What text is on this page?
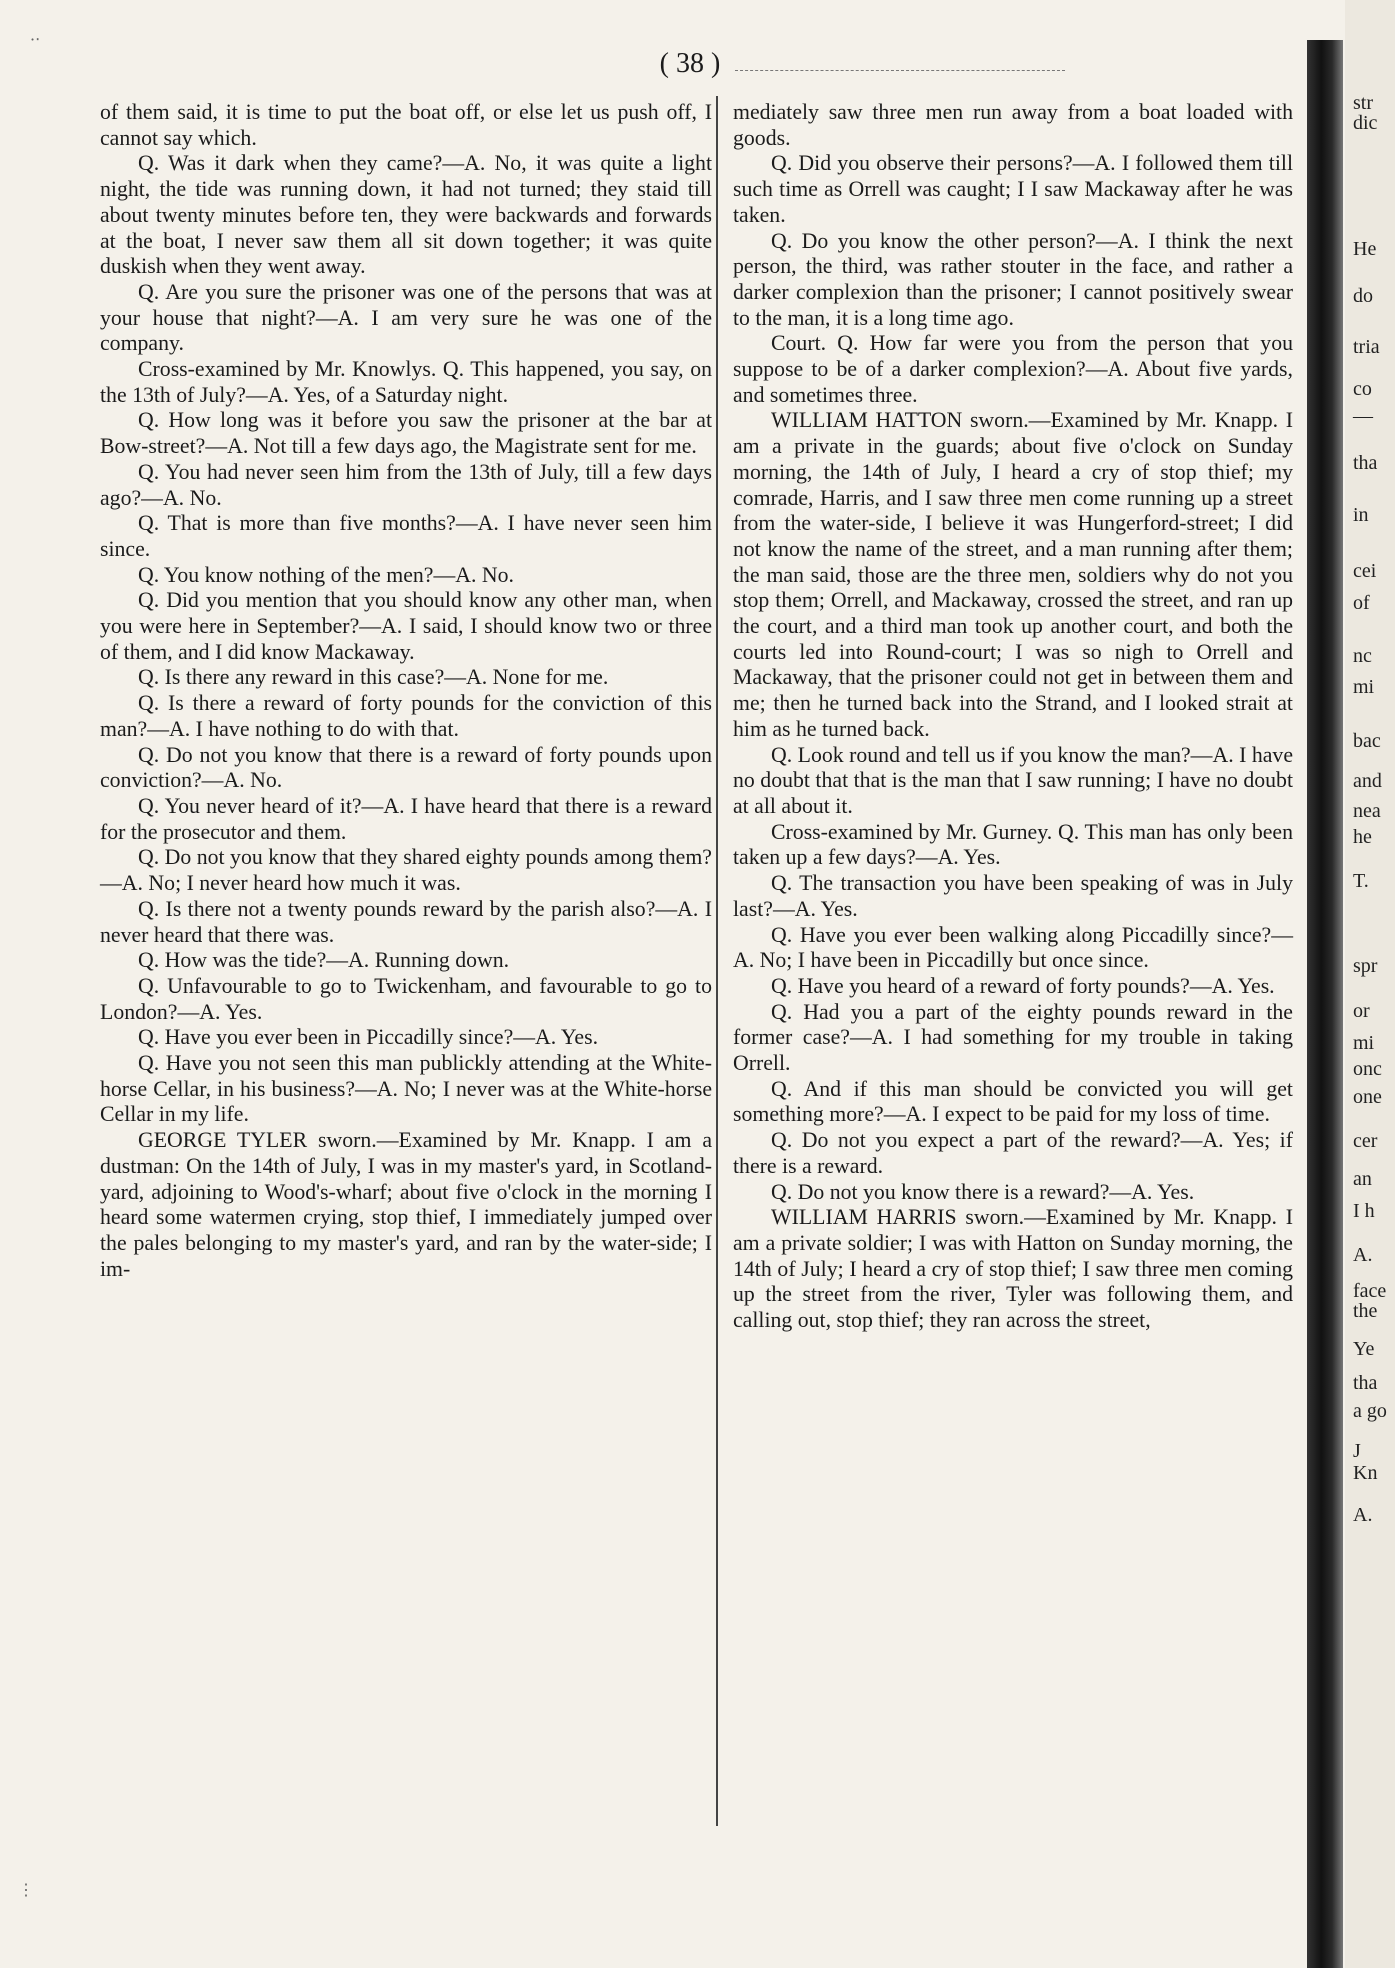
( 38 )

of them said, it is time to put the boat off, or else let us push off, I cannot say which.

Q. Was it dark when they came?—A. No, it was quite a light night, the tide was running down, it had not turned; they staid till about twenty minutes before ten, they were backwards and forwards at the boat, I never saw them all sit down together; it was quite duskish when they went away.

Q. Are you sure the prisoner was one of the persons that was at your house that night?—A. I am very sure he was one of the company.

Cross-examined by Mr. Knowlys. Q. This happened, you say, on the 13th of July?—A. Yes, of a Saturday night.

Q. How long was it before you saw the prisoner at the bar at Bow-street?—A. Not till a few days ago, the Magistrate sent for me.

Q. You had never seen him from the 13th of July, till a few days ago?—A. No.

Q. That is more than five months?—A. I have never seen him since.

Q. You know nothing of the men?—A. No.

Q. Did you mention that you should know any other man, when you were here in September?—A. I said, I should know two or three of them, and I did know Mackaway.

Q. Is there any reward in this case?—A. None for me.

Q. Is there a reward of forty pounds for the conviction of this man?—A. I have nothing to do with that.

Q. Do not you know that there is a reward of forty pounds upon conviction?—A. No.

Q. You never heard of it?—A. I have heard that there is a reward for the prosecutor and them.

Q. Do not you know that they shared eighty pounds among them?—A. No; I never heard how much it was.

Q. Is there not a twenty pounds reward by the parish also?—A. I never heard that there was.

Q. How was the tide?—A. Running down.

Q. Unfavourable to go to Twickenham, and favourable to go to London?—A. Yes.

Q. Have you ever been in Piccadilly since?—A. Yes.

Q. Have you not seen this man publickly attending at the White-horse Cellar, in his business?—A. No; I never was at the White-horse Cellar in my life.

GEORGE TYLER sworn.—Examined by Mr. Knapp. I am a dustman: On the 14th of July, I was in my master's yard, in Scotland-yard, adjoining to Wood's-wharf; about five o'clock in the morning I heard some watermen crying, stop thief, I immediately jumped over the pales belonging to my master's yard, and ran by the water-side; I im-

mediately saw three men run away from a boat loaded with goods.

Q. Did you observe their persons?—A. I followed them till such time as Orrell was caught; I I saw Mackaway after he was taken.

Q. Do you know the other person?—A. I think the next person, the third, was rather stouter in the face, and rather a darker complexion than the prisoner; I cannot positively swear to the man, it is a long time ago.

Court. Q. How far were you from the person that you suppose to be of a darker complexion?—A. About five yards, and sometimes three.

WILLIAM HATTON sworn.—Examined by Mr. Knapp. I am a private in the guards; about five o'clock on Sunday morning, the 14th of July, I heard a cry of stop thief; my comrade, Harris, and I saw three men come running up a street from the water-side, I believe it was Hungerford-street; I did not know the name of the street, and a man running after them; the man said, those are the three men, soldiers why do not you stop them; Orrell, and Mackaway, crossed the street, and ran up the court, and a third man took up another court, and both the courts led into Round-court; I was so nigh to Orrell and Mackaway, that the prisoner could not get in between them and me; then he turned back into the Strand, and I looked strait at him as he turned back.

Q. Look round and tell us if you know the man?—A. I have no doubt that that is the man that I saw running; I have no doubt at all about it.

Cross-examined by Mr. Gurney. Q. This man has only been taken up a few days?—A. Yes.

Q. The transaction you have been speaking of was in July last?—A. Yes.

Q. Have you ever been walking along Piccadilly since?—A. No; I have been in Piccadilly but once since.

Q. Have you heard of a reward of forty pounds?—A. Yes.

Q. Had you a part of the eighty pounds reward in the former case?—A. I had something for my trouble in taking Orrell.

Q. And if this man should be convicted you will get something more?—A. I expect to be paid for my loss of time.

Q. Do not you expect a part of the reward?—A. Yes; if there is a reward.

Q. Do not you know there is a reward?—A. Yes.

WILLIAM HARRIS sworn.—Examined by Mr. Knapp. I am a private soldier; I was with Hatton on Sunday morning, the 14th of July; I heard a cry of stop thief; I saw three men coming up the street from the river, Tyler was following them, and calling out, stop thief; they ran across the street,

str
dic
He
do
tria
co
—
tha
in
cei
of
nc
mi
bac
and
nea
he
T.
spr
or
mi
onc
one
cer
an
I h
A.
face
the
Ye
tha
a go
J
Kn
A.
·‧
⋮
